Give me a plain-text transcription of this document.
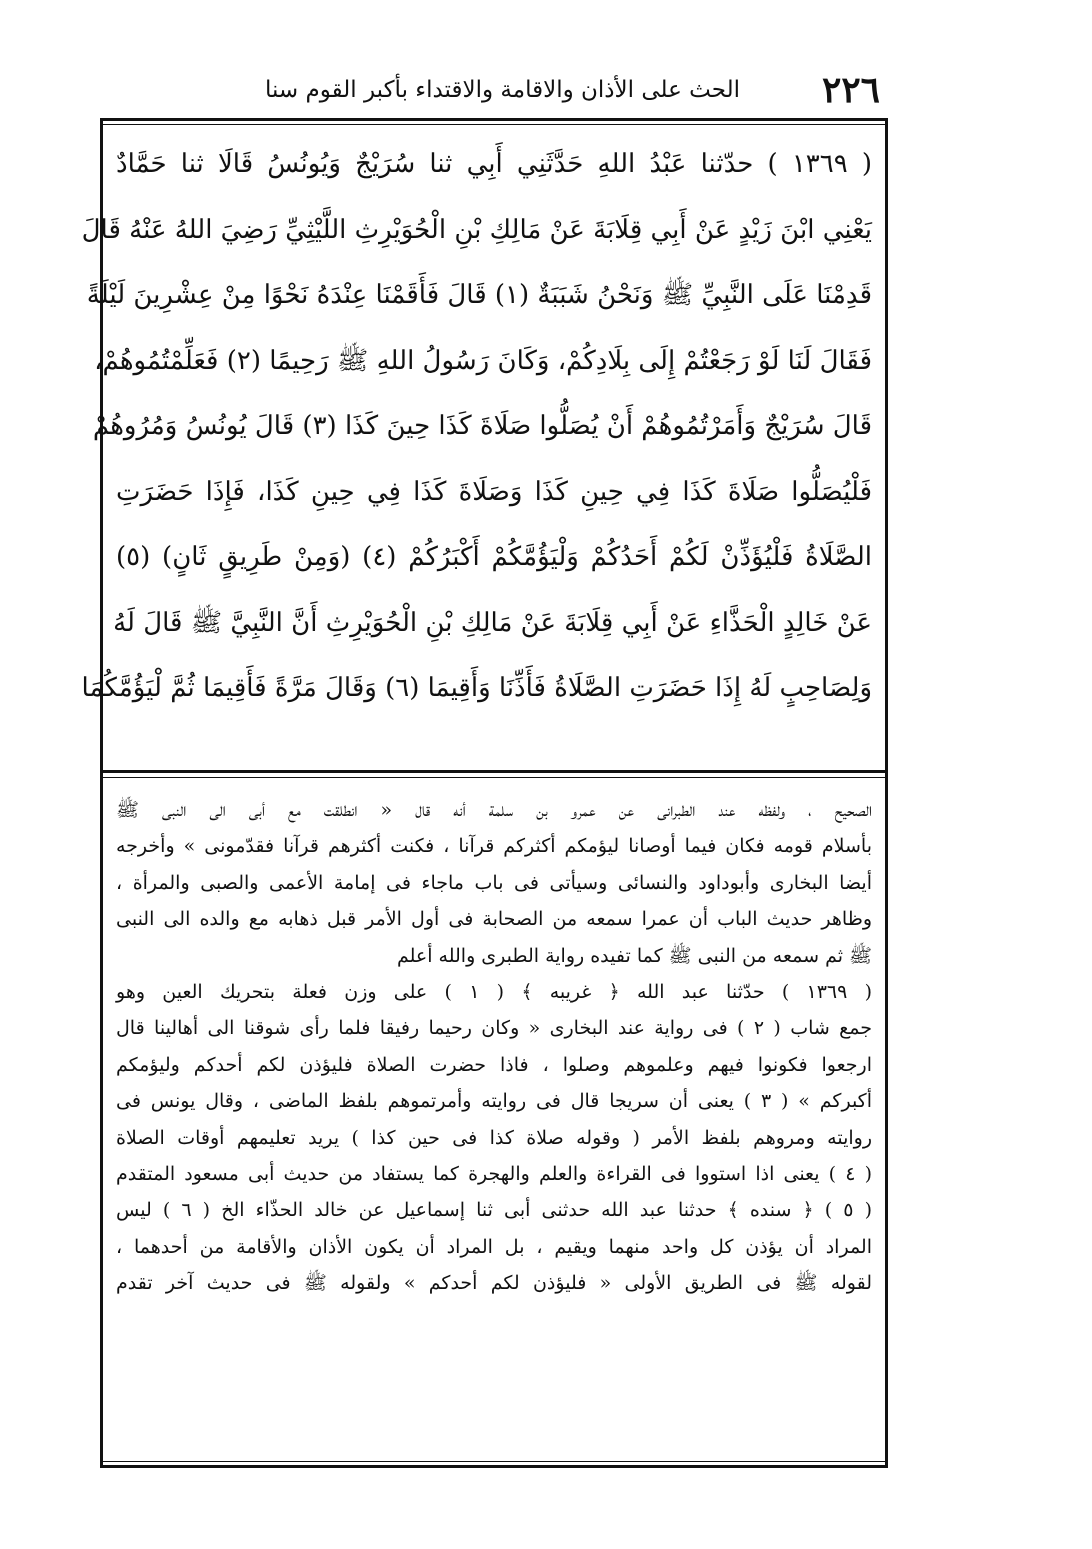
٢٢٦
الحث على الأذان والاقامة والاقتداء بأكبر القوم سنا
( ١٣٦٩ ) حدّثنا عَبْدُ اللهِ حَدَّثَنِي أَبِي ثنا سُرَيْجٌ وَيُونُسُ قَالَا ثنا حَمَّادٌ
يَعْنِي ابْنَ زَيْدٍ عَنْ أَبِي قِلَابَةَ عَنْ مَالِكِ بْنِ الْحُوَيْرِثِ اللَّيْثِيِّ رَضِيَ اللهُ عَنْهُ قَالَ
قَدِمْنَا عَلَى النَّبِيِّ ﷺ وَنَحْنُ شَبَبَةٌ (١) قَالَ فَأَقَمْنَا عِنْدَهُ نَحْوًا مِنْ عِشْرِينَ لَيْلَةً
فَقَالَ لَنَا لَوْ رَجَعْتُمْ إِلَى بِلَادِكُمْ، وَكَانَ رَسُولُ اللهِ ﷺ رَحِيمًا (٢) فَعَلِّمْتُمُوهُمْ،
قَالَ سُرَيْجٌ وَأَمَرْتُمُوهُمْ أَنْ يُصَلُّوا صَلَاةَ كَذَا حِينَ كَذَا (٣) قَالَ يُونُسُ وَمُرُوهُمْ
فَلْيُصَلُّوا صَلَاةَ كَذَا فِي حِينِ كَذَا وَصَلَاةَ كَذَا فِي حِينِ كَذَا، فَإِذَا حَضَرَتِ
الصَّلَاةُ فَلْيُؤَذِّنْ لَكُمْ أَحَدُكُمْ وَلْيَؤُمَّكُمْ أَكْبَرُكُمْ (٤) (وَمِنْ طَرِيقٍ ثَانٍ) (٥)
عَنْ خَالِدٍ الْحَذَّاءِ عَنْ أَبِي قِلَابَةَ عَنْ مَالِكِ بْنِ الْحُوَيْرِثِ أَنَّ النَّبِيَّ ﷺ قَالَ لَهُ
وَلِصَاحِبٍ لَهُ إِذَا حَضَرَتِ الصَّلَاةُ فَأَذِّنَا وَأَقِيمَا (٦) وَقَالَ مَرَّةً فَأَقِيمَا ثُمَّ لْيَؤُمَّكُمَا
الصحيح ، ولفظه عند الطبرانى عن عمرو بن سلمة أنه قال « انطلقت مع أبى الى النبى ﷺ
بأسلام قومه فكان فيما أوصانا ليؤمكم أكثركم قرآنا ، فكنت أكثرهم قرآنا فقدّمونى » وأخرجه
أيضا البخارى وأبوداود والنسائى وسيأتى فى باب ماجاء فى إمامة الأعمى والصبى والمرأة ،
وظاهر حديث الباب أن عمرا سمعه من الصحابة فى أول الأمر قبل ذهابه مع والده الى النبى
ﷺ ثم سمعه من النبى ﷺ كما تفيده رواية الطبرى والله أعلم
( ١٣٦٩ ) حدّثنا عبد الله ﴿ غريبه ﴾ ( ١ ) على وزن فعلة بتحريك العين وهو
جمع شاب ( ٢ ) فى رواية عند البخارى « وكان رحيما رفيقا فلما رأى شوقنا الى أهالينا قال
ارجعوا فكونوا فيهم وعلموهم وصلوا ، فاذا حضرت الصلاة فليؤذن لكم أحدكم وليؤمكم
أكبركم » ( ٣ ) يعنى أن سريجا قال فى روايته وأمرتموهم بلفظ الماضى ، وقال يونس فى
روايته ومروهم بلفظ الأمر ( وقوله صلاة كذا فى حين كذا ) يريد تعليمهم أوقات الصلاة
( ٤ ) يعنى اذا استووا فى القراءة والعلم والهجرة كما يستفاد من حديث أبى مسعود المتقدم
( ٥ ) ﴿ سنده ﴾ حدثنا عبد الله حدثنى أبى ثنا إسماعيل عن خالد الحذّاء الخ ( ٦ ) ليس
المراد أن يؤذن كل واحد منهما ويقيم ، بل المراد أن يكون الأذان والأقامة من أحدهما ،
لقوله ﷺ فى الطريق الأولى « فليؤذن لكم أحدكم » ولقوله ﷺ فى حديث آخر تقدم
